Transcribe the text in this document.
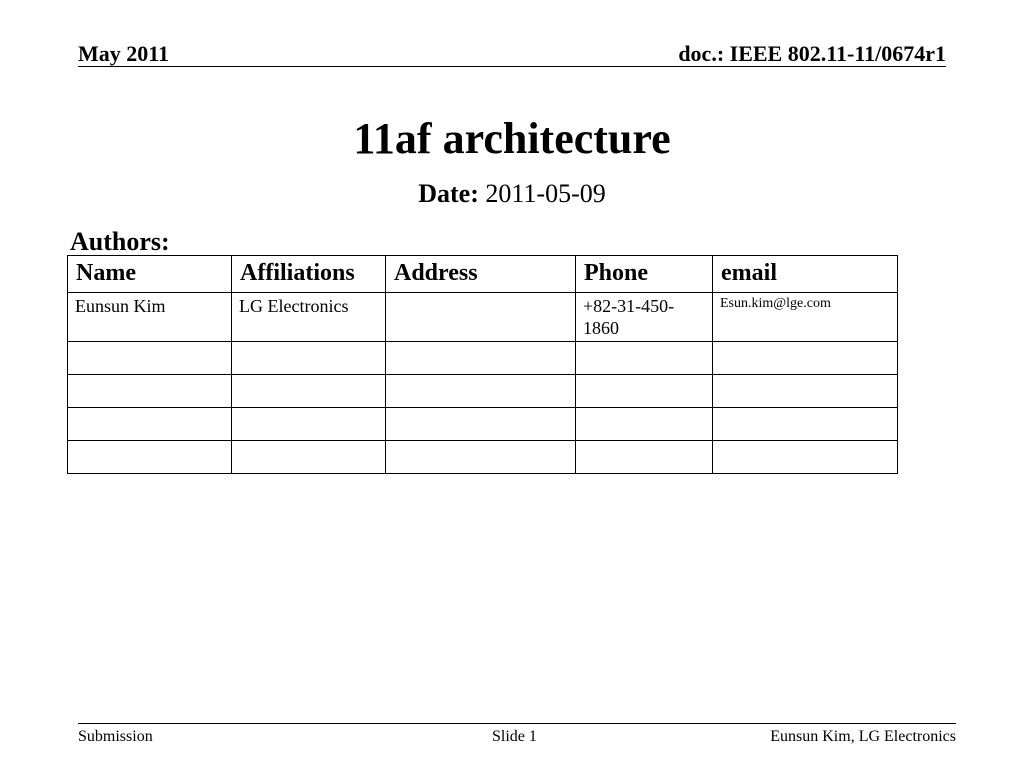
May 2011	doc.: IEEE 802.11-11/0674r1
11af architecture
Date: 2011-05-09
Authors:
Name	Affiliations	Address	Phone	email
Eunsun Kim	LG Electronics		+82-31-450-1860	Esun.kim@lge.com

Submission	Slide 1	Eunsun Kim, LG Electronics
